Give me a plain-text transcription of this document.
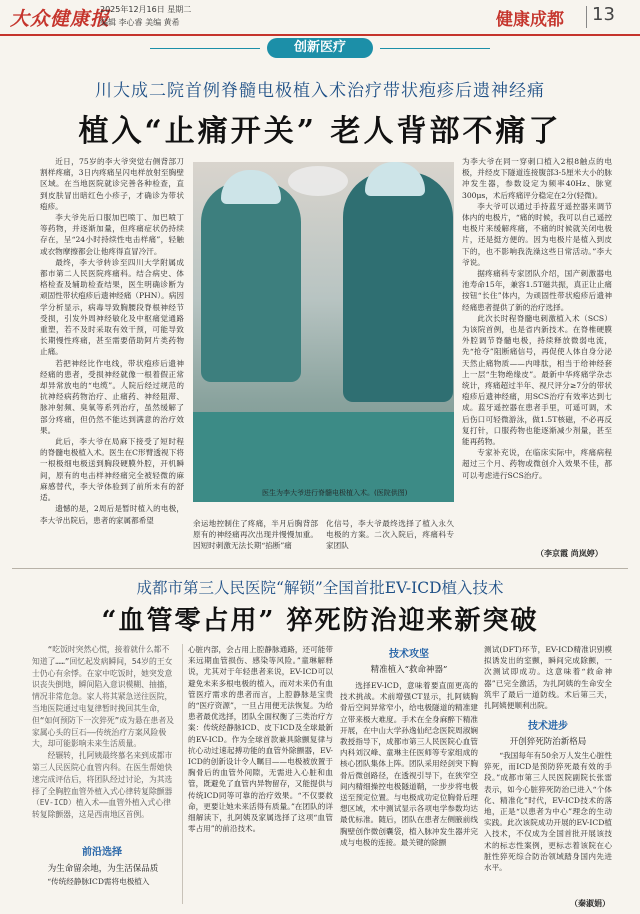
大众健康报
2025年12月16日 星期二
编辑 李心睿 美编 黄希	健康成都 13
创新医疗
川大成二院首例脊髓电极植入术治疗带状疱疹后遗神经痛
植入“止痛开关” 老人背部不痛了

近日，75岁的李大爷突觉右侧背部刀割样疼痛，3日内疼痛呈闪电样放射至胸壁区域。在当地医院就诊完善各种检查，直到皮肤冒出暗红色小疹子，才确诊为带状疱疹。

李大爷先后口服加巴喷丁、加巴喷丁等药物，并逐渐加量，但疼痛症状仍持续存在，呈“24小时持续性电击样痛”，轻触或衣物摩擦都会让他疼得直冒冷汗。

最终，李大爷转诊至四川大学附属成都市第二人民医院疼痛科。结合病史、体格检查及辅助检查结果，医生明确诊断为顽固性带状疱疹后遗神经痛（PHN）。病因学分析显示，病毒导致胸腰段脊根神经节受损，引发外周神经敏化及中枢痛觉通路重塑，若不及时采取有效干预，可能导致长期慢性疼痛，甚至需要借助阿片类药物止痛。

若把神经比作电线，带状疱疹后遗神经痛的患者，受损神经就像一根着假正常却异常放电的“电缆”。人院后经过规范的抗神经病药物治疗、止痛药、神经阻滞、脉冲射频、臭氧等系列治疗，虽然缓解了部分疼痛，但仍然不能达到满意的治疗效果。

此后，李大爷在局麻下接受了短时程的脊髓电极植入术。医生在C形臂透视下将一根极细电极送到胸段硬膜外腔，开机瞬间，原有的电击样神经痛完全被轻微的麻麻感替代，李大爷体验到了前所未有的舒适。

遗憾的是，2周后是暂时植入的电极，李大爷出院后，患者的家属都希望

医生为李大爷进行脊髓电极植入术。(医院供图)

余运地控制住了疼痛，半月后胸背部原有的神经痛再次出现并慢慢加重。因短时刺激无法长期“掐断”痛

化信号，李大爷最终选择了植入永久电极的方案。二次入院后，疼痛科专家团队

为李大爷在同一穿刺口植入2根8触点的电极，并经皮下隧道连接腹部3-5厘米大小的脉冲发生器，参数设定为频率40Hz、脉宽300μs，术后疼痛评分稳定在2分(轻微)。

李大爷可以通过手持蓝牙遥控器来调节体内的电极片，“痛的时候，我可以自己遥控电极片来缓解疼痛，不痛的时候就关闭电极片，还是挺方便的。因为电极片是植入到皮下的，也不影响我洗澡这些日常活动。”李大爷说。

据疼痛科专家团队介绍，国产刺激器电池寿命15年，兼容1.5T磁共振，真正让止痛按钮“长住”体内，为顽固性带状疱疹后遗神经痛患者提供了新的治疗选择。

此次长时程脊髓电刺激植入术（SCS）为该院首例，也是省内新技术。在脊椎硬膜外腔调节脊髓电极，持续释放微弱电流，先“抢夺”阻断痛信号，再促使人体自身分泌天然止痛物质——内啡肽，相当于给神经套上一层“生物绝缘皮”。最新中华疼痛学杂志统计，疼痛超过半年、视尺评分≥7分的带状疱疹后遗神经痛，用SCS治疗有效率达到七成。蓝牙遥控器在患者手里，可遥可调，术后伤口可轻微游泳，做1.5T核磁，不必再反复打针，口服药物也能逐渐减少剂量，甚至能再药物。

专家补充说，在临床实际中，疼痛病程超过三个月、药物或微创介入效果不佳，都可以考虑进行SCS治疗。

（李京霞 尚岚婷）
成都市第三人民医院“解锁”全国首批EV-ICD植入技术
“血管零占用” 猝死防治迎来新突破

“吃饭时突然心慌，接着就什么都不知道了……”回忆起发病瞬间，54岁的王女士仍心有余悸。在家中吃饭时，她突发意识丧失倒地，瞬间陷入意识模糊、抽搐，情况非常危急。家人将其紧急送往医院，当地医院通过电复律暂时挽回其生命，但“如何预防下一次猝死”成为悬在患者及家属心头的巨石——传统治疗方案风险极大，却可能影响未来生活质量。

经辗转，扎阿姨最终慕名来到成都市第三人民医院心血管内科。在医生帮她快速完成评估后，将团队经过讨论，为其选择了全胸腔血管外植入式心律转复除颤器（EV-ICD）植入术——血管外植入式心律转复除颤器，这是西南地区首例。

前沿选择
为生命留余地，为生活保品质

“传统经静脉ICD需将电极植入

心脏内部，会占用上腔静脉通路，还可能带来远期血管损伤、感染等风险。”童琳解释说，尤其对于年轻患者来说，EV-ICD可以避免未来多根电极的植入，而对未来仍有血管医疗需求的患者而言，上腔静脉是宝贵的“医疗资源”，一旦占用便无法恢复。为给患者最优选择，团队全面权衡了三类治疗方案：传统经静脉ICD、皮下ICD及全球最新的EV-ICD。作为全球首款兼具除颤复律与抗心动过速起搏功能的血管外除颤器，EV-ICD的创新设计令人瞩目——电极被放置于胸骨后的血管外间隙，无需进入心脏和血管，既避免了血管内异物留存，又能提供与传统ICD同等可靠的治疗效果。“不仅要救命，更要让她未来活得有质量。”在团队的详细解读下，扎阿姨及家属选择了这项“血管零占用”的前沿技术。

技术攻坚
精准植入“救命神器”

选择EV-ICD，意味着要直面更高的技术挑战。术前增强CT显示，扎阿姨胸骨后空间异常窄小，给电极隧道的精准建立带来极大难度。手术在全身麻醉下精准开展，在中山大学孙逸仙纪念医院周淑娴教授指导下，成都市第三人民医院心血管内科刘汉峰、童琳主任医师等专家组成的核心团队集体上阵。团队采用经剑突下胸骨后微创路径，在透视引导下，在狭窄空间内精细操控电极隧道鞘，一步步将电极送至预定位置。与电极成功定位胸骨后理想区域，术中测试显示各项电学参数均达最优标准。随后，团队在患者左侧腋前线胸壁创作微创囊袋，植入脉冲发生器并完成与电极的连接。最关键的除颤

测试(DFT)环节，EV-ICD精准识别模拟诱发出的室颤，瞬间完成除颤，一次测试即成功。这意味着“救命神器”已完全激活，为扎阿姨的生命安全筑牢了最后一道防线。术后第三天，扎阿姨便顺利出院。

技术进步
开创猝死防治新格局

“我国每年有50余万人发生心脏性猝死，而ICD是预防猝死最有效的手段。”成都市第三人民医院副院长张雷表示，如今心脏猝死防治已进入“个体化、精准化”时代，EV-ICD技术的落地，正是“以患者为中心”理念的生动实践。此次该院成功开展的EV-ICD植入技术，不仅成为全国首批开展该技术的标志性案例，更标志着该院在心脏性猝死综合防治领域踏身国内先进水平。

（秦淑娟）
